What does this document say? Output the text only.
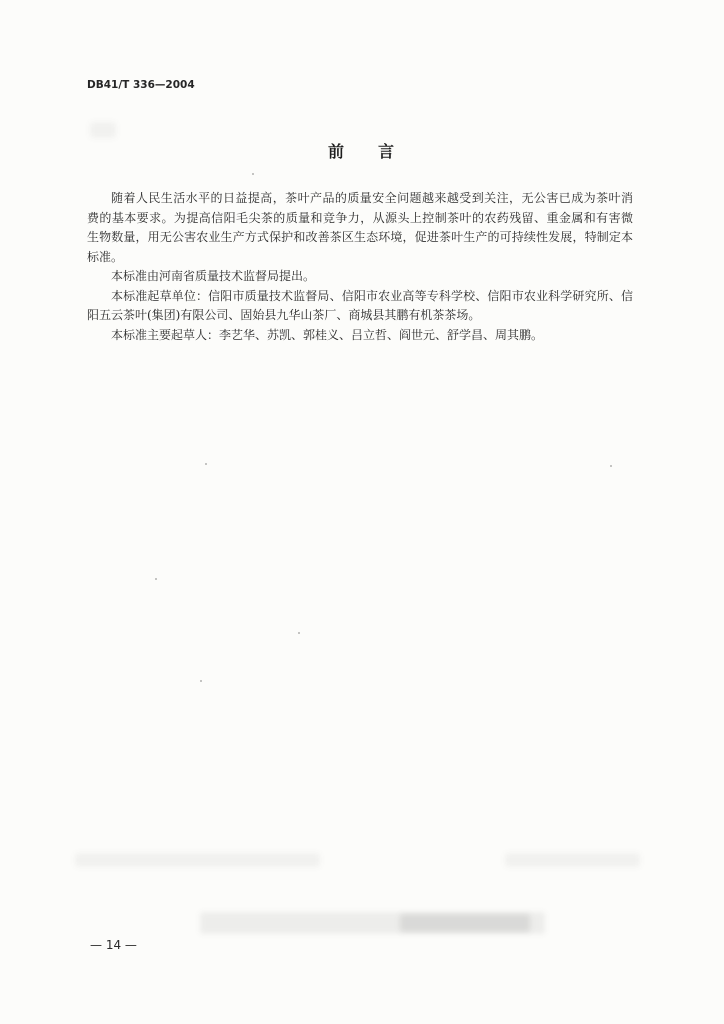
DB41/T 336—2004
前言
随着人民生活水平的日益提高，茶叶产品的质量安全问题越来越受到关注，无公害已成为茶叶消
费的基本要求。为提高信阳毛尖茶的质量和竞争力，从源头上控制茶叶的农药残留、重金属和有害微
生物数量，用无公害农业生产方式保护和改善茶区生态环境，促进茶叶生产的可持续性发展，特制定本
标准。
本标准由河南省质量技术监督局提出。
本标准起草单位：信阳市质量技术监督局、信阳市农业高等专科学校、信阳市农业科学研究所、信
阳五云茶叶(集团)有限公司、固始县九华山茶厂、商城县其鹏有机茶茶场。
本标准主要起草人：李艺华、苏凯、郭桂义、吕立哲、阎世元、舒学昌、周其鹏。
— 14 —
